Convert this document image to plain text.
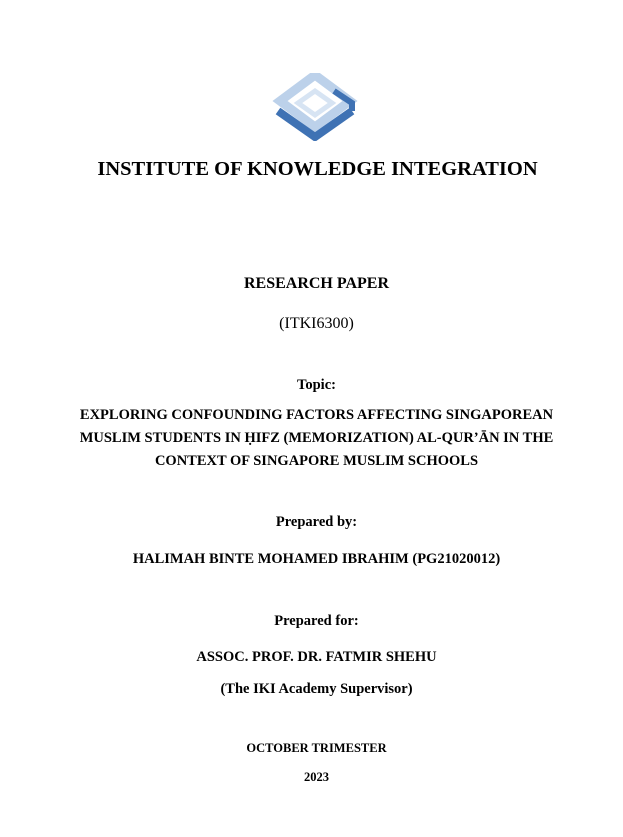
INSTITUTE OF KNOWLEDGE INTEGRATION
RESEARCH PAPER
(ITKI6300)
Topic:
EXPLORING CONFOUNDING FACTORS AFFECTING SINGAPOREAN
MUSLIM STUDENTS IN ḤIFZ (MEMORIZATION) AL-QUR’ĀN IN THE
CONTEXT OF SINGAPORE MUSLIM SCHOOLS
Prepared by:
HALIMAH BINTE MOHAMED IBRAHIM (PG21020012)
Prepared for:
ASSOC. PROF. DR. FATMIR SHEHU
(The IKI Academy Supervisor)
OCTOBER TRIMESTER
2023
